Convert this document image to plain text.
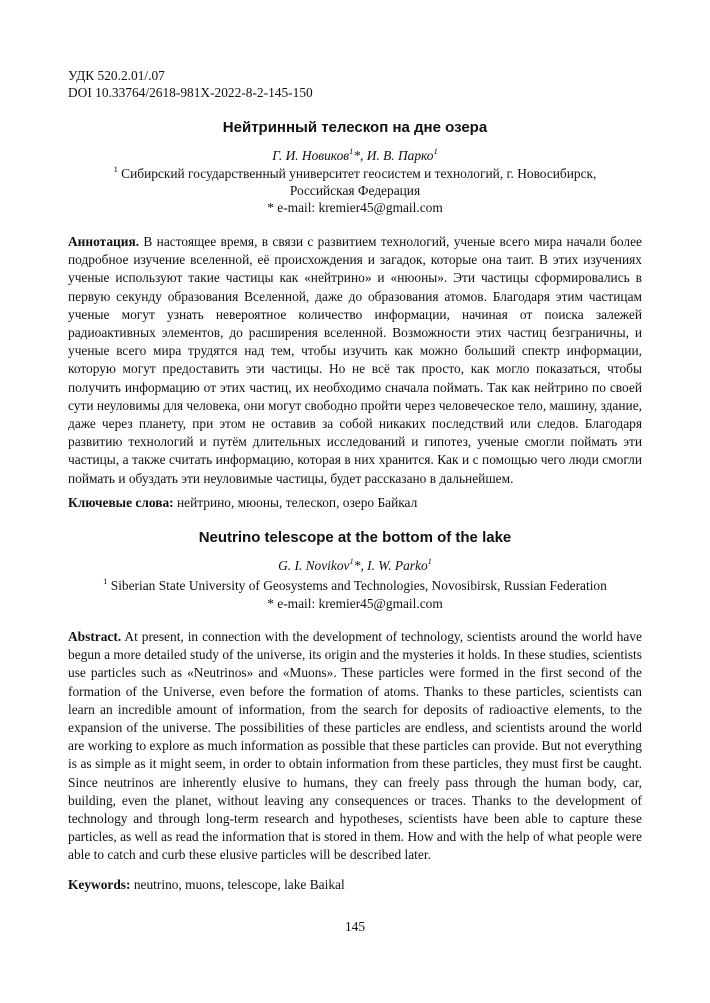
УДК 520.2.01/.07
DOI 10.33764/2618-981X-2022-8-2-145-150
Нейтринный телескоп на дне озера
Г. И. Новиков$^1$*, И. В. Парко$^1$
$^1$ Сибирский государственный университет геосистем и технологий, г. Новосибирск, Российская Федерация
* e-mail: kremier45@gmail.com
Аннотация. В настоящее время, в связи с развитием технологий, ученые всего мира начали более подробное изучение вселенной, её происхождения и загадок, которые она таит. В этих изучениях ученые используют такие частицы как «нейтрино» и «нюоны». Эти частицы сформировались в первую секунду образования Вселенной, даже до образования атомов. Благодаря этим частицам ученые могут узнать невероятное количество информации, начиная от поиска залежей радиоактивных элементов, до расширения вселенной. Возможности этих частиц безграничны, и ученые всего мира трудятся над тем, чтобы изучить как можно больший спектр информации, которую могут предоставить эти частицы. Но не всё так просто, как могло показаться, чтобы получить информацию от этих частиц, их необходимо сначала поймать. Так как нейтрино по своей сути неуловимы для человека, они могут свободно пройти через человеческое тело, машину, здание, даже через планету, при этом не оставив за собой никаких последствий или следов. Благодаря развитию технологий и путём длительных исследований и гипотез, ученые смогли поймать эти частицы, а также считать информацию, которая в них хранится. Как и с помощью чего люди смогли поймать и обуздать эти неуловимые частицы, будет рассказано в дальнейшем.
Ключевые слова: нейтрино, мюоны, телескоп, озеро Байкал
Neutrino telescope at the bottom of the lake
G. I. Novikov$^1$*, I. W. Parko$^1$
$^1$ Siberian State University of Geosystems and Technologies, Novosibirsk, Russian Federation
* e-mail: kremier45@gmail.com
Abstract. At present, in connection with the development of technology, scientists around the world have begun a more detailed study of the universe, its origin and the mysteries it holds. In these studies, scientists use particles such as «Neutrinos» and «Muons». These particles were formed in the first second of the formation of the Universe, even before the formation of atoms. Thanks to these particles, scientists can learn an incredible amount of information, from the search for deposits of radioactive elements, to the expansion of the universe. The possibilities of these particles are endless, and scientists around the world are working to explore as much information as possible that these particles can provide. But not everything is as simple as it might seem, in order to obtain information from these particles, they must first be caught. Since neutrinos are inherently elusive to humans, they can freely pass through the human body, car, building, even the planet, without leaving any consequences or traces. Thanks to the development of technology and through long-term research and hypotheses, scientists have been able to capture these particles, as well as read the information that is stored in them. How and with the help of what people were able to catch and curb these elusive particles will be described later.
Keywords: neutrino, muons, telescope, lake Baikal
145
